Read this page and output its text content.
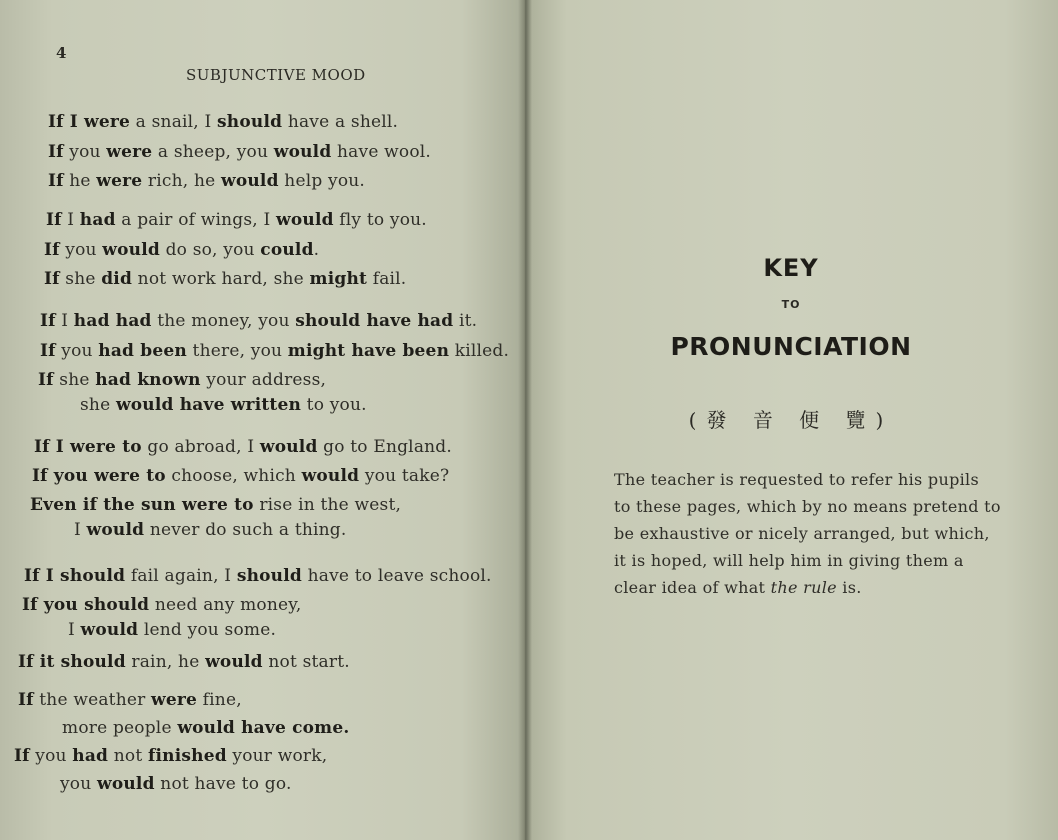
4
SUBJUNCTIVE MOOD
If I were a snail, I should have a shell.
If you were a sheep, you would have wool.
If he were rich, he would help you.
If I had a pair of wings, I would fly to you.
If you would do so, you could.
If she did not work hard, she might fail.
If I had had the money, you should have had it.
If you had been there, you might have been killed.
If she had known your address,
she would have written to you.
If I were to go abroad, I would go to England.
If you were to choose, which would you take?
Even if the sun were to rise in the west,
I would never do such a thing.
If I should fail again, I should have to leave school.
If you should need any money,
I would lend you some.
If it should rain, he would not start.
If the weather were fine,
more people would have come.
If you had not finished your work,
you would not have to go.
KEY
TO
PRONUNCIATION
(發 音 便 覽)
The teacher is requested to refer his pupils
to these pages, which by no means pretend to
be exhaustive or nicely arranged, but which,
it is hoped, will help him in giving them a
clear idea of what the rule is.
